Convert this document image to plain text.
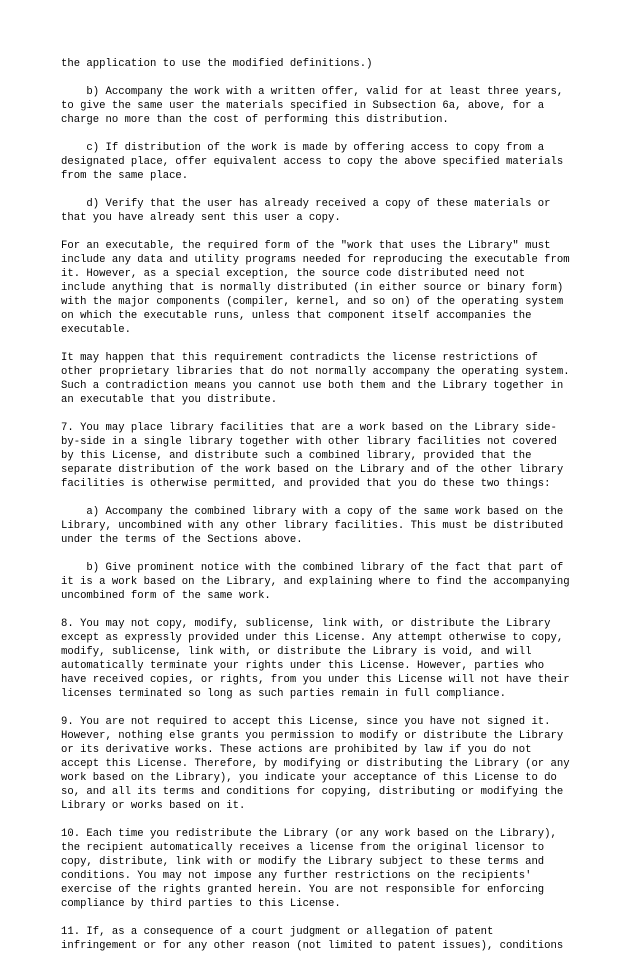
the application to use the modified definitions.)

b) Accompany the work with a written offer, valid for at least three years,
to give the same user the materials specified in Subsection 6a, above, for a
charge no more than the cost of performing this distribution.

c) If distribution of the work is made by offering access to copy from a
designated place, offer equivalent access to copy the above specified materials
from the same place.

d) Verify that the user has already received a copy of these materials or
that you have already sent this user a copy.

For an executable, the required form of the "work that uses the Library" must
include any data and utility programs needed for reproducing the executable from
it. However, as a special exception, the source code distributed need not
include anything that is normally distributed (in either source or binary form)
with the major components (compiler, kernel, and so on) of the operating system
on which the executable runs, unless that component itself accompanies the
executable.

It may happen that this requirement contradicts the license restrictions of
other proprietary libraries that do not normally accompany the operating system.
Such a contradiction means you cannot use both them and the Library together in
an executable that you distribute.

7. You may place library facilities that are a work based on the Library side-
by-side in a single library together with other library facilities not covered
by this License, and distribute such a combined library, provided that the
separate distribution of the work based on the Library and of the other library
facilities is otherwise permitted, and provided that you do these two things:

a) Accompany the combined library with a copy of the same work based on the
Library, uncombined with any other library facilities. This must be distributed
under the terms of the Sections above.

b) Give prominent notice with the combined library of the fact that part of
it is a work based on the Library, and explaining where to find the accompanying
uncombined form of the same work.

8. You may not copy, modify, sublicense, link with, or distribute the Library
except as expressly provided under this License. Any attempt otherwise to copy,
modify, sublicense, link with, or distribute the Library is void, and will
automatically terminate your rights under this License. However, parties who
have received copies, or rights, from you under this License will not have their
licenses terminated so long as such parties remain in full compliance.

9. You are not required to accept this License, since you have not signed it.
However, nothing else grants you permission to modify or distribute the Library
or its derivative works. These actions are prohibited by law if you do not
accept this License. Therefore, by modifying or distributing the Library (or any
work based on the Library), you indicate your acceptance of this License to do
so, and all its terms and conditions for copying, distributing or modifying the
Library or works based on it.

10. Each time you redistribute the Library (or any work based on the Library),
the recipient automatically receives a license from the original licensor to
copy, distribute, link with or modify the Library subject to these terms and
conditions. You may not impose any further restrictions on the recipients'
exercise of the rights granted herein. You are not responsible for enforcing
compliance by third parties to this License.

11. If, as a consequence of a court judgment or allegation of patent
infringement or for any other reason (not limited to patent issues), conditions
